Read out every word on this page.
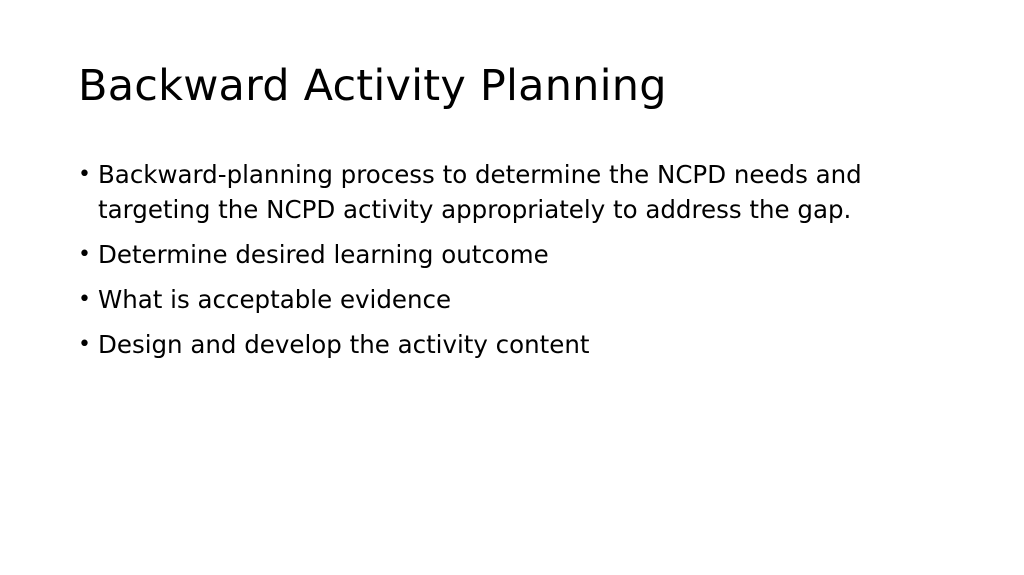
Backward Activity Planning
• Backward-planning process to determine the NCPD needs and targeting the NCPD activity appropriately to address the gap.
• Determine desired learning outcome
• What is acceptable evidence
• Design and develop the activity content
